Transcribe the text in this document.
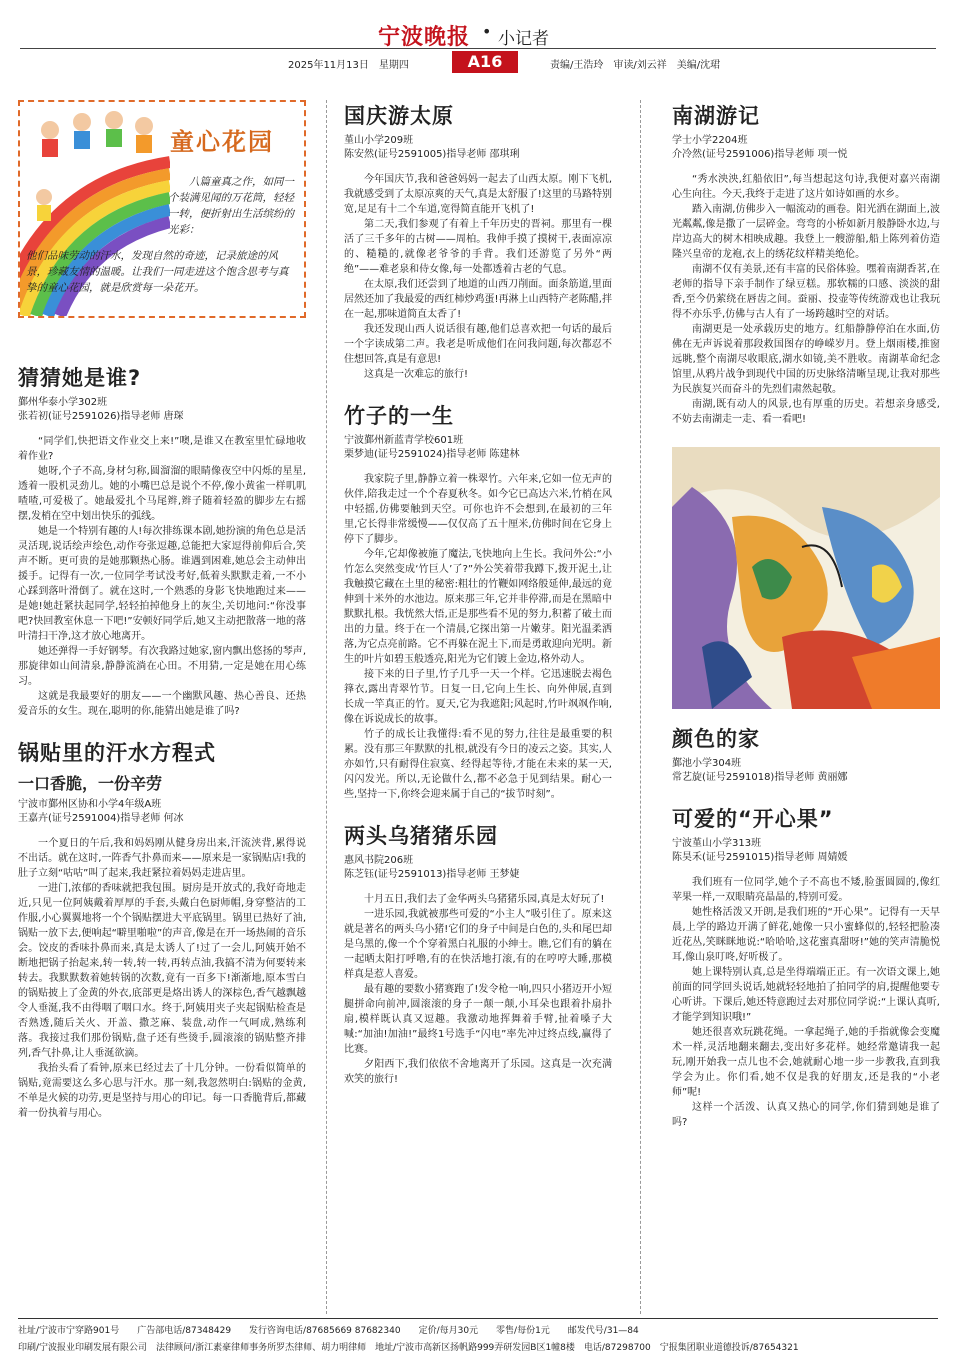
宁波晚报 • 小记者
2025年11月13日　星期四	A16	责编/王浩玲　审读/刘云祥　美编/沈珺
童心花园
八篇童真之作，如同一个装满见闻的万花筒，轻轻一转，便折射出生活缤纷的光彩：
他们品味劳动的汗水，发现自然的奇迹，记录旅途的风景，珍藏友情的温暖。让我们一同走进这个饱含思考与真挚的童心花园，就是欣赏每一朵花开。
猜猜她是谁?
鄞州华泰小学302班
张若初(证号2591026)指导老师 唐琛

“同学们,快把语文作业交上来!”噢,是谁又在教室里忙碌地收着作业?

她呀,个子不高,身材匀称,圆溜溜的眼睛像夜空中闪烁的星星,透着一股机灵劲儿。她的小嘴巴总是说个不停,像小黄雀一样叽叽喳喳,可爱极了。她最爱扎个马尾辫,辫子随着轻盈的脚步左右摇摆,发梢在空中划出快乐的弧线。

她是一个特别有趣的人!每次排练课本剧,她扮演的角色总是活灵活现,说话绘声绘色,动作夸张逗趣,总能把大家逗得前仰后合,笑声不断。更可贵的是她那颗热心肠。谁遇到困难,她总会主动伸出援手。记得有一次,一位同学考试没考好,低着头默默走着,一不小心踩到落叶滑倒了。就在这时,一个熟悉的身影飞快地跑过来——是她!她赶紧扶起同学,轻轻拍掉他身上的灰尘,关切地问:“你没事吧?快回教室休息一下吧!”安顿好同学后,她又主动把散落一地的落叶清扫干净,这才放心地离开。

她还弹得一手好钢琴。有次我路过她家,窗内飘出悠扬的琴声,那旋律如山间清泉,静静流淌在心田。不用猜,一定是她在用心练习。

这就是我最要好的朋友——一个幽默风趣、热心善良、还热爱音乐的女生。现在,聪明的你,能猜出她是谁了吗?

锅贴里的汗水方程式
一口香脆，一份辛劳
宁波市鄞州区协和小学4年级A班
王嘉卉(证号2591004)指导老师 何冰

一个夏日的午后,我和妈妈刚从健身房出来,汗流浃背,累得说不出话。就在这时,一阵香气扑鼻而来——原来是一家锅贴店!我的肚子立刻“咕咕”叫了起来,我赶紧拉着妈妈走进店里。

一进门,浓郁的香味就把我包围。厨房是开放式的,我好奇地走近,只见一位阿姨戴着厚厚的手套,头戴白色厨师帽,身穿整洁的工作服,小心翼翼地将一个个锅贴摆进大平底锅里。锅里已热好了油,锅贴一放下去,便响起“噼里啪啦”的声音,像是在开一场热闹的音乐会。饺皮的香味扑鼻而来,真是太诱人了!过了一会儿,阿姨开始不断地把锅子抬起来,转一转,转一转,再转点油,我搞不清为何要转来转去。我默默数着她转锅的次数,竟有一百多下!渐渐地,原本雪白的锅贴披上了金黄的外衣,底部更是烙出诱人的深棕色,香气越飘越令人垂涎,我不由得咽了咽口水。终于,阿姨用夹子夹起锅贴检查是否熟透,随后关火、开盖、撒芝麻、装盘,动作一气呵成,熟练利落。我接过我们那份锅贴,盘子还有些烫手,圆滚滚的锅贴整齐排列,香气扑鼻,让人垂涎欲滴。

我抬头看了看钟,原来已经过去了十几分钟。一份看似简单的锅贴,竟需要这么多心思与汗水。那一刻,我忽然明白:锅贴的金黄,不单是火候的功劳,更是坚持与用心的印记。每一口香脆背后,都藏着一份执着与用心。

国庆游太原
堇山小学209班
陈安然(证号2591005)指导老师 邵琪琍

今年国庆节,我和爸爸妈妈一起去了山西太原。刚下飞机,我就感受到了太原凉爽的天气,真是太舒服了!这里的马路特别宽,足足有十二个车道,宽得简直能开飞机了!

第二天,我们参观了有着上千年历史的晋祠。那里有一棵活了三千多年的古树——周柏。我伸手摸了摸树干,表面凉凉的、糙糙的,就像老爷爷的手背。我们还游览了另外“两绝”——难老泉和侍女像,每一处都透着古老的气息。

在太原,我们还尝到了地道的山西刀削面。面条筋道,里面居然还加了我最爱的西红柿炒鸡蛋!再淋上山西特产老陈醋,拌在一起,那味道简直太香了!

我还发现山西人说话很有趣,他们总喜欢把一句话的最后一个字读成第二声。我老是听成他们在问我问题,每次都忍不住想回答,真是有意思!

这真是一次难忘的旅行!

竹子的一生
宁波鄞州新蓝青学校601班
栗梦迪(证号2591024)指导老师 陈建林

我家院子里,静静立着一株翠竹。六年来,它如一位无声的伙伴,陪我走过一个个春夏秋冬。如今它已高达六米,竹梢在风中轻摇,仿佛要触到天空。可你也许不会想到,在最初的三年里,它长得非常缓慢——仅仅高了五十厘米,仿佛时间在它身上停下了脚步。

今年,它却像被施了魔法,飞快地向上生长。我问外公:“小竹怎么突然变成‘竹巨人’了?”外公笑着带我蹲下,拨开泥土,让我触摸它藏在土里的秘密:粗壮的竹鞭如网络般延伸,最远的竟伸到十米外的水池边。原来那三年,它并非停滞,而是在黑暗中默默扎根。我恍然大悟,正是那些看不见的努力,积蓄了破土而出的力量。终于在一个清晨,它探出第一片嫩芽。阳光温柔洒落,为它点亮前路。它不再躲在泥土下,而是勇敢迎向光明。新生的叶片如碧玉般透亮,阳光为它们镀上金边,格外动人。

接下来的日子里,竹子几乎一天一个样。它迅速脱去褐色箨衣,露出青翠竹节。日复一日,它向上生长、向外伸展,直到长成一竿真正的竹。夏天,它为我遮阳;风起时,竹叶飒飒作响,像在诉说成长的故事。

竹子的成长让我懂得:看不见的努力,往往是最重要的积累。没有那三年默默的扎根,就没有今日的凌云之姿。其实,人亦如竹,只有耐得住寂寞、经得起等待,才能在未来的某一天,闪闪发光。所以,无论做什么,都不必急于见到结果。耐心一些,坚持一下,你终会迎来属于自己的“拔节时刻”。

两头乌猪猪乐园
惠风书院206班
陈芝钰(证号2591013)指导老师 王梦婕

十月五日,我们去了金华两头乌猪猪乐园,真是太好玩了!

一进乐园,我就被那些可爱的“小主人”吸引住了。原来这就是著名的两头乌小猪!它们的身子中间是白色的,头和尾巴却是乌黑的,像一个个穿着黑白礼服的小绅士。瞧,它们有的躺在一起晒太阳打呼噜,有的在快活地打滚,有的在哼哼大睡,那模样真是惹人喜爱。

最有趣的要数小猪赛跑了!发令枪一响,四只小猪迈开小短腿拼命向前冲,圆滚滚的身子一颠一颠,小耳朵也跟着扑扇扑扇,模样既认真又逗趣。我激动地挥舞着手臂,扯着嗓子大喊:“加油!加油!”最终1号选手“闪电”率先冲过终点线,赢得了比赛。

夕阳西下,我们依依不舍地离开了乐园。这真是一次充满欢笑的旅行!

南湖游记
学士小学2204班
介冷然(证号2591006)指导老师 项一悦

“秀水泱泱,红船依旧”,每当想起这句诗,我便对嘉兴南湖心生向往。今天,我终于走进了这片如诗如画的水乡。

踏入南湖,仿佛步入一幅流动的画卷。阳光洒在湖面上,波光粼粼,像是撒了一层碎金。弯弯的小桥如新月般静卧水边,与岸边高大的树木相映成趣。我登上一艘游船,船上陈列着仿造隆兴皇帝的龙袍,衣上的绣花纹样精美绝伦。

南湖不仅有美景,还有丰富的民俗体验。嘿着南湖香茗,在老师的指导下亲手制作了绿豆糕。那软糯的口感、淡淡的甜香,至今仍萦绕在唇齿之间。蚕丽、投壶等传统游戏也让我玩得不亦乐乎,仿佛与古人有了一场跨越时空的对话。

南湖更是一处承载历史的地方。红船静静停泊在水面,仿佛在无声诉说着那段救国图存的峥嵘岁月。登上烟雨楼,推窗远眺,整个南湖尽收眼底,湖水如镜,美不胜收。南湖革命纪念馆里,从鸦片战争到现代中国的历史脉络清晰呈现,让我对那些为民族复兴而奋斗的先烈们肃然起敬。

南湖,既有动人的风景,也有厚重的历史。若想亲身感受,不妨去南湖走一走、看一看吧!

颜色的家
鄞池小学304班
常艺旋(证号2591018)指导老师 黄丽娜
可爱的“开心果”
宁波堇山小学313班
陈昊禾(证号2591015)指导老师 周婧媛

我们班有一位同学,她个子不高也不矮,脸蛋圆圆的,像红苹果一样,一双眼睛亮晶晶的,特别可爱。

她性格活泼又开朗,是我们班的“开心果”。记得有一天早晨,上学的路边开满了鲜花,她像一只小蜜蜂似的,轻轻把脸凑近花丛,笑眯眯地说:“哈哈哈,这花蜜真甜呀!”她的笑声清脆悦耳,像山泉叮咚,好听极了。

她上课特别认真,总是坐得端端正正。有一次语文课上,她前面的同学回头说话,她就轻轻地拍了拍同学的肩,提醒他要专心听讲。下课后,她还特意跑过去对那位同学说:“上课认真听,才能学到知识哦!”

她还很喜欢玩跳花绳。一拿起绳子,她的手指就像会变魔术一样,灵活地翻来翻去,变出好多花样。她经常邀请我一起玩,刚开始我一点儿也不会,她就耐心地一步一步教我,直到我学会为止。你们看,她不仅是我的好朋友,还是我的“小老师”呢!

这样一个活泼、认真又热心的同学,你们猜到她是谁了吗?

社址/宁波市宁穿路901号　　广告部电话/87348429　　发行咨询电话/87685669 87682340　　定价/每月30元　　零售/每份1元　　邮发代号/31—84
印刷/宁波报业印刷发展有限公司　法律顾问/浙江素豪律师事务所罗杰律师、胡力明律师　地址/宁波市高新区扬帆路999弄研发园B区1幢8楼　电话/87298700　宁报集团职业道德投诉/87654321
